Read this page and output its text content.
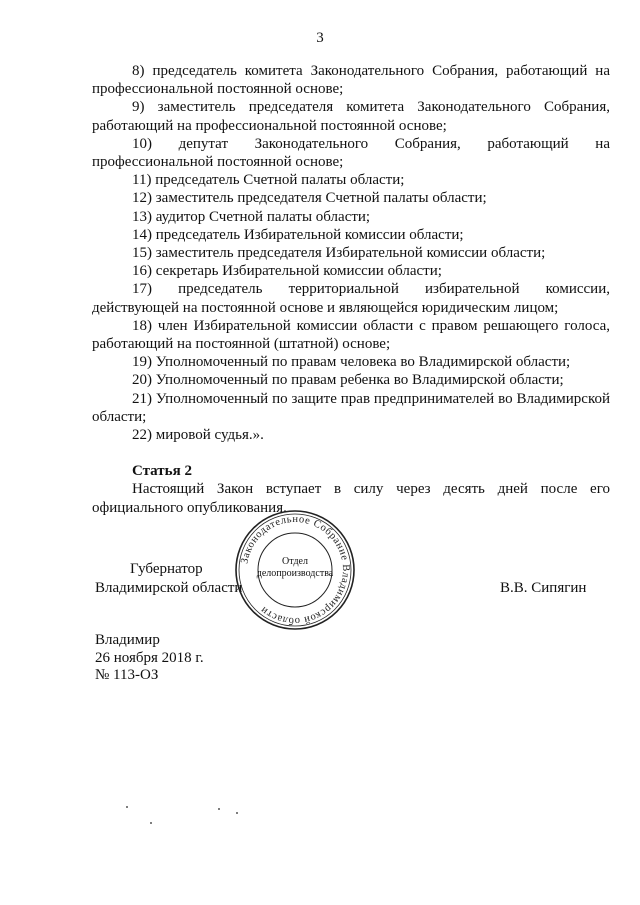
3

8) председатель комитета Законодательного Собрания, работающий на профессиональной постоянной основе;

9) заместитель председателя комитета Законодательного Собрания, работающий на профессиональной постоянной основе;

10) депутат Законодательного Собрания, работающий на профессиональной постоянной основе;

11) председатель Счетной палаты области;

12) заместитель председателя Счетной палаты области;

13) аудитор Счетной палаты области;

14) председатель Избирательной комиссии области;

15) заместитель председателя Избирательной комиссии области;

16) секретарь Избирательной комиссии области;

17) председатель территориальной избирательной комиссии, действующей на постоянной основе и являющейся юридическим лицом;

18) член Избирательной комиссии области с правом решающего голоса, работающий на постоянной (штатной) основе;

19) Уполномоченный по правам человека во Владимирской области;

20) Уполномоченный по правам ребенка во Владимирской области;

21) Уполномоченный по защите прав предпринимателей во Владимирской области;

22) мировой судья.».

Статья 2

Настоящий Закон вступает в силу через десять дней после его официального опубликования.

Губернатор
Владимирской области	В.В. Сипягин
Законодательное Собрание Владимирской области
Отдел
делопроизводства
Владимир
26 ноября 2018 г.
№ 113-ОЗ
